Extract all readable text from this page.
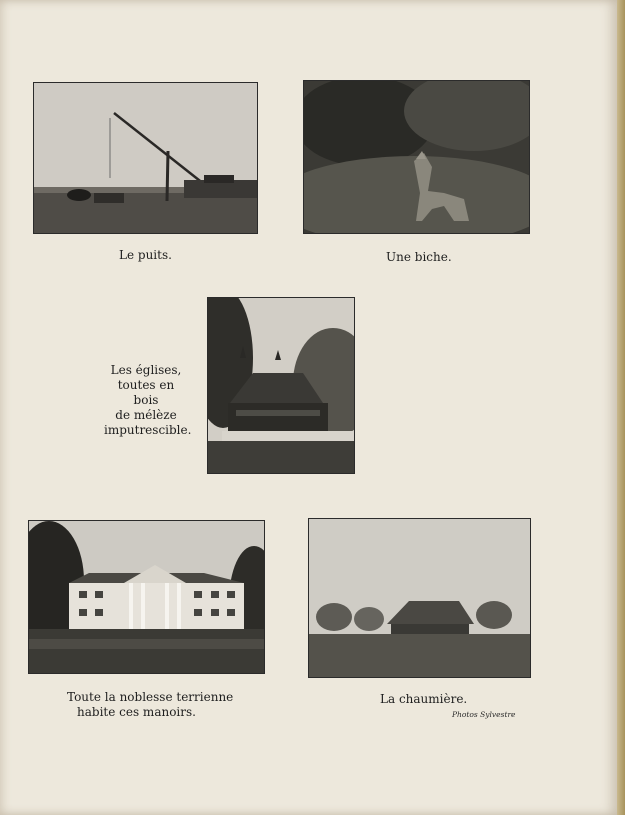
Le puits.	Une biche.
Les églises,
toutes en bois
de mélèze
imputrescible.
Toute la noblesse terrienne
habite ces manoirs.
La chaumière.
Photos Sylvestre
